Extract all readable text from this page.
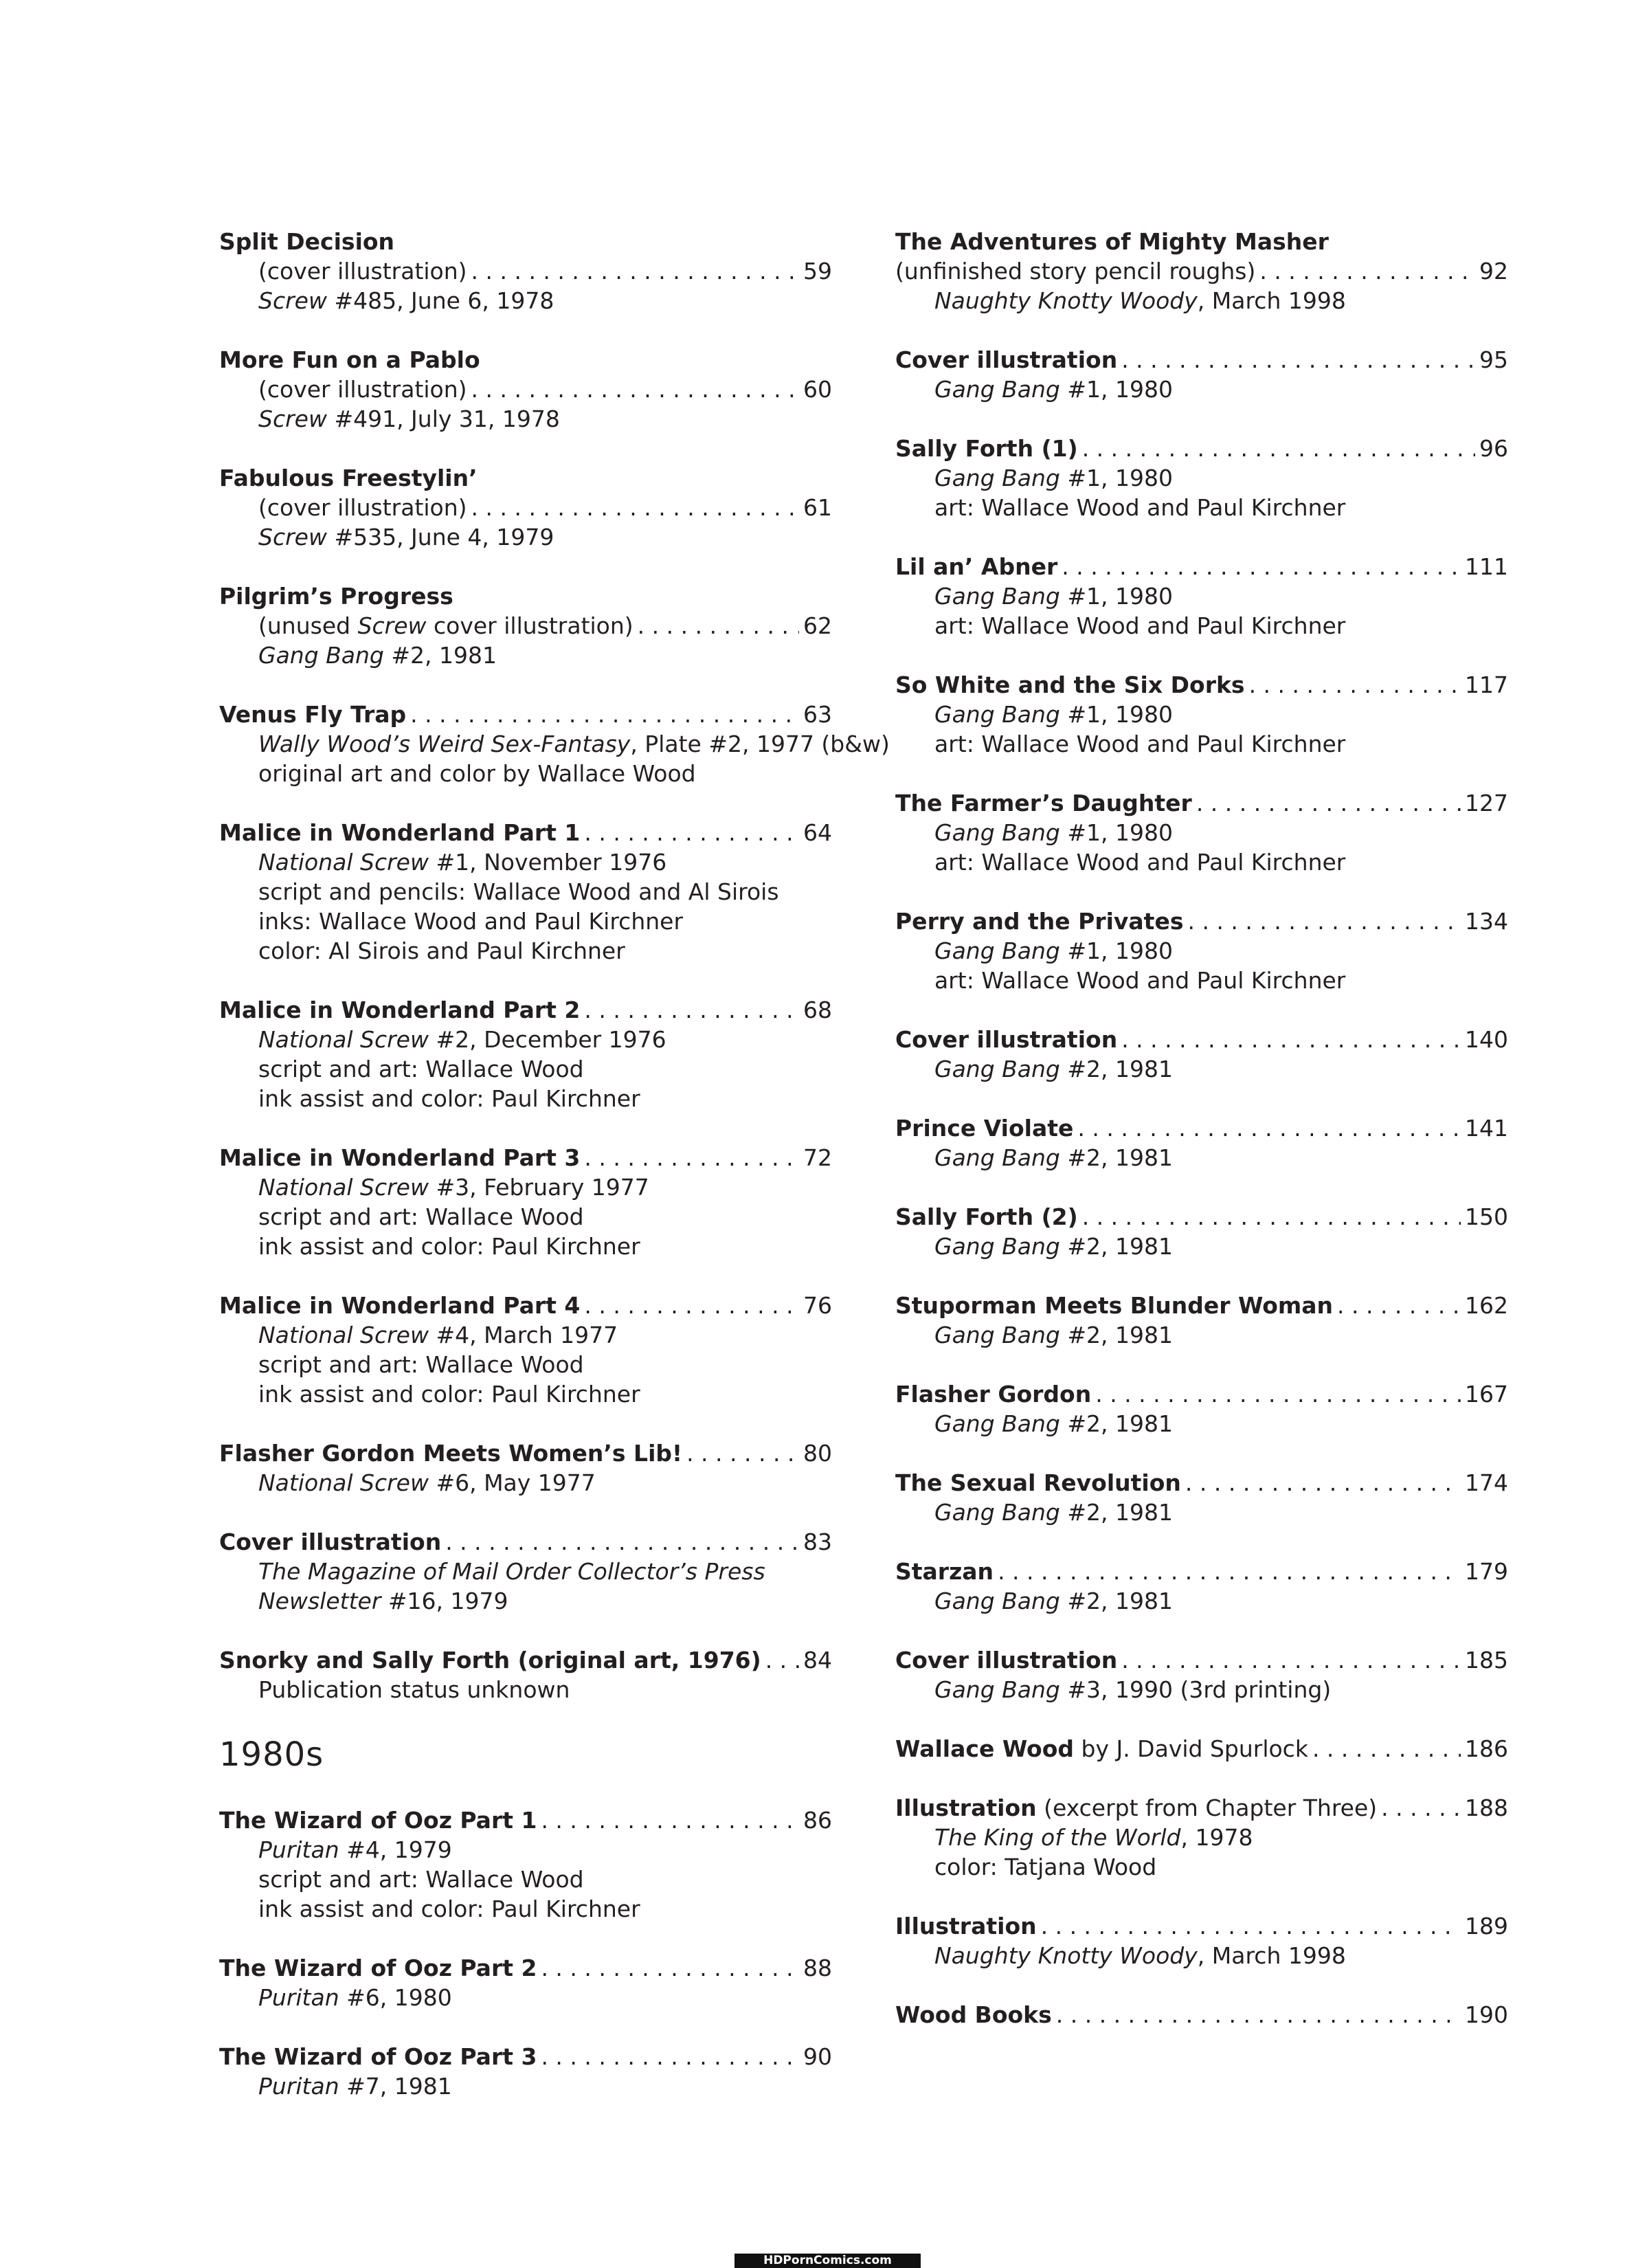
Split Decision
(cover illustration) . . .	59
Screw #485, June 6, 1978
More Fun on a Pablo
(cover illustration) . . .	60
Screw #491, July 31, 1978
Fabulous Freestylin’
(cover illustration) . . .	61
Screw #535, June 4, 1979
Pilgrim’s Progress
(unused Screw cover illustration) . . .	62
Gang Bang #2, 1981
Venus Fly Trap . . .	63
Wally Wood’s Weird Sex-Fantasy, Plate #2, 1977 (b&w)
original art and color by Wallace Wood
Malice in Wonderland Part 1 . . .	64
National Screw #1, November 1976
script and pencils: Wallace Wood and Al Sirois
inks: Wallace Wood and Paul Kirchner
color: Al Sirois and Paul Kirchner
Malice in Wonderland Part 2 . . .	68
National Screw #2, December 1976
script and art: Wallace Wood
ink assist and color: Paul Kirchner
Malice in Wonderland Part 3 . . .	72
National Screw #3, February 1977
script and art: Wallace Wood
ink assist and color: Paul Kirchner
Malice in Wonderland Part 4 . . .	76
National Screw #4, March 1977
script and art: Wallace Wood
ink assist and color: Paul Kirchner
Flasher Gordon Meets Women’s Lib! . . .	80
National Screw #6, May 1977
Cover illustration . . .	83
The Magazine of Mail Order Collector’s Press
Newsletter #16, 1979
Snorky and Sally Forth (original art, 1976) . . . 84
Publication status unknown
1980s
The Wizard of Ooz Part 1 . . .	86
Puritan #4, 1979
script and art: Wallace Wood
ink assist and color: Paul Kirchner
The Wizard of Ooz Part 2 . . .	88
Puritan #6, 1980
The Wizard of Ooz Part 3 . . .	90
Puritan #7, 1981
The Adventures of Mighty Masher
(unfinished story pencil roughs) . . .	92
Naughty Knotty Woody, March 1998
Cover illustration . . .	95
Gang Bang #1, 1980
Sally Forth (1) . . .	96
Gang Bang #1, 1980
art: Wallace Wood and Paul Kirchner
Lil an’ Abner . . .	111
Gang Bang #1, 1980
art: Wallace Wood and Paul Kirchner
So White and the Six Dorks . . .	117
Gang Bang #1, 1980
art: Wallace Wood and Paul Kirchner
The Farmer’s Daughter . . .	127
Gang Bang #1, 1980
art: Wallace Wood and Paul Kirchner
Perry and the Privates . . .	134
Gang Bang #1, 1980
art: Wallace Wood and Paul Kirchner
Cover illustration . . .	140
Gang Bang #2, 1981
Prince Violate . . .	141
Gang Bang #2, 1981
Sally Forth (2) . . .	150
Gang Bang #2, 1981
Stuporman Meets Blunder Woman . . .	162
Gang Bang #2, 1981
Flasher Gordon . . .	167
Gang Bang #2, 1981
The Sexual Revolution . . .	174
Gang Bang #2, 1981
Starzan . . .	179
Gang Bang #2, 1981
Cover illustration . . .	185
Gang Bang #3, 1990 (3rd printing)
Wallace Wood by J. David Spurlock . . .	186
Illustration (excerpt from Chapter Three) . . .	188
The King of the World, 1978
color: Tatjana Wood
Illustration . . .	189
Naughty Knotty Woody, March 1998
Wood Books . . .	190
HDPornComics.com
